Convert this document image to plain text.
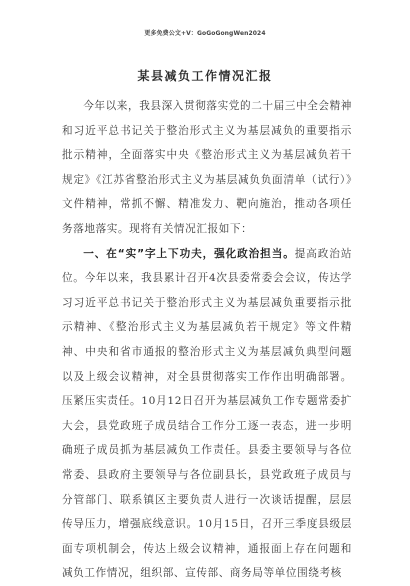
更多免费公文+V：GoGoGongWen2024
某县减负工作情况汇报

今年以来，我县深入贯彻落实党的二十届三中全会精神和习近平总书记关于整治形式主义为基层减负的重要指示批示精神，全面落实中央《整治形式主义为基层减负若干规定》《江苏省整治形式主义为基层减负负面清单（试行）》文件精神，常抓不懈、精准发力、靶向施治，推动各项任务落地落实。现将有关情况汇报如下：

一、在“实”字上下功夫，强化政治担当。提高政治站位。今年以来，我县累计召开4次县委常委会会议，传达学习习近平总书记关于整治形式主义为基层减负重要指示批示精神、《整治形式主义为基层减负若干规定》等文件精神、中央和省市通报的整治形式主义为基层减负典型问题以及上级会议精神，对全县贯彻落实工作作出明确部署。压紧压实责任。10月12日召开为基层减负工作专题常委扩大会，县党政班子成员结合工作分工逐一表态，进一步明确班子成员抓为基层减负工作责任。县委主要领导与各位常委、县政府主要领导与各位副县长，县党政班子成员与分管部门、联系镇区主要负责人进行一次谈话提醒，层层传导压力，增强底线意识。10月15日，召开三季度县级层面专项机制会，传达上级会议精神，通报面上存在问题和减负工作情况，组织部、宣传部、商务局等单位围绕考核
